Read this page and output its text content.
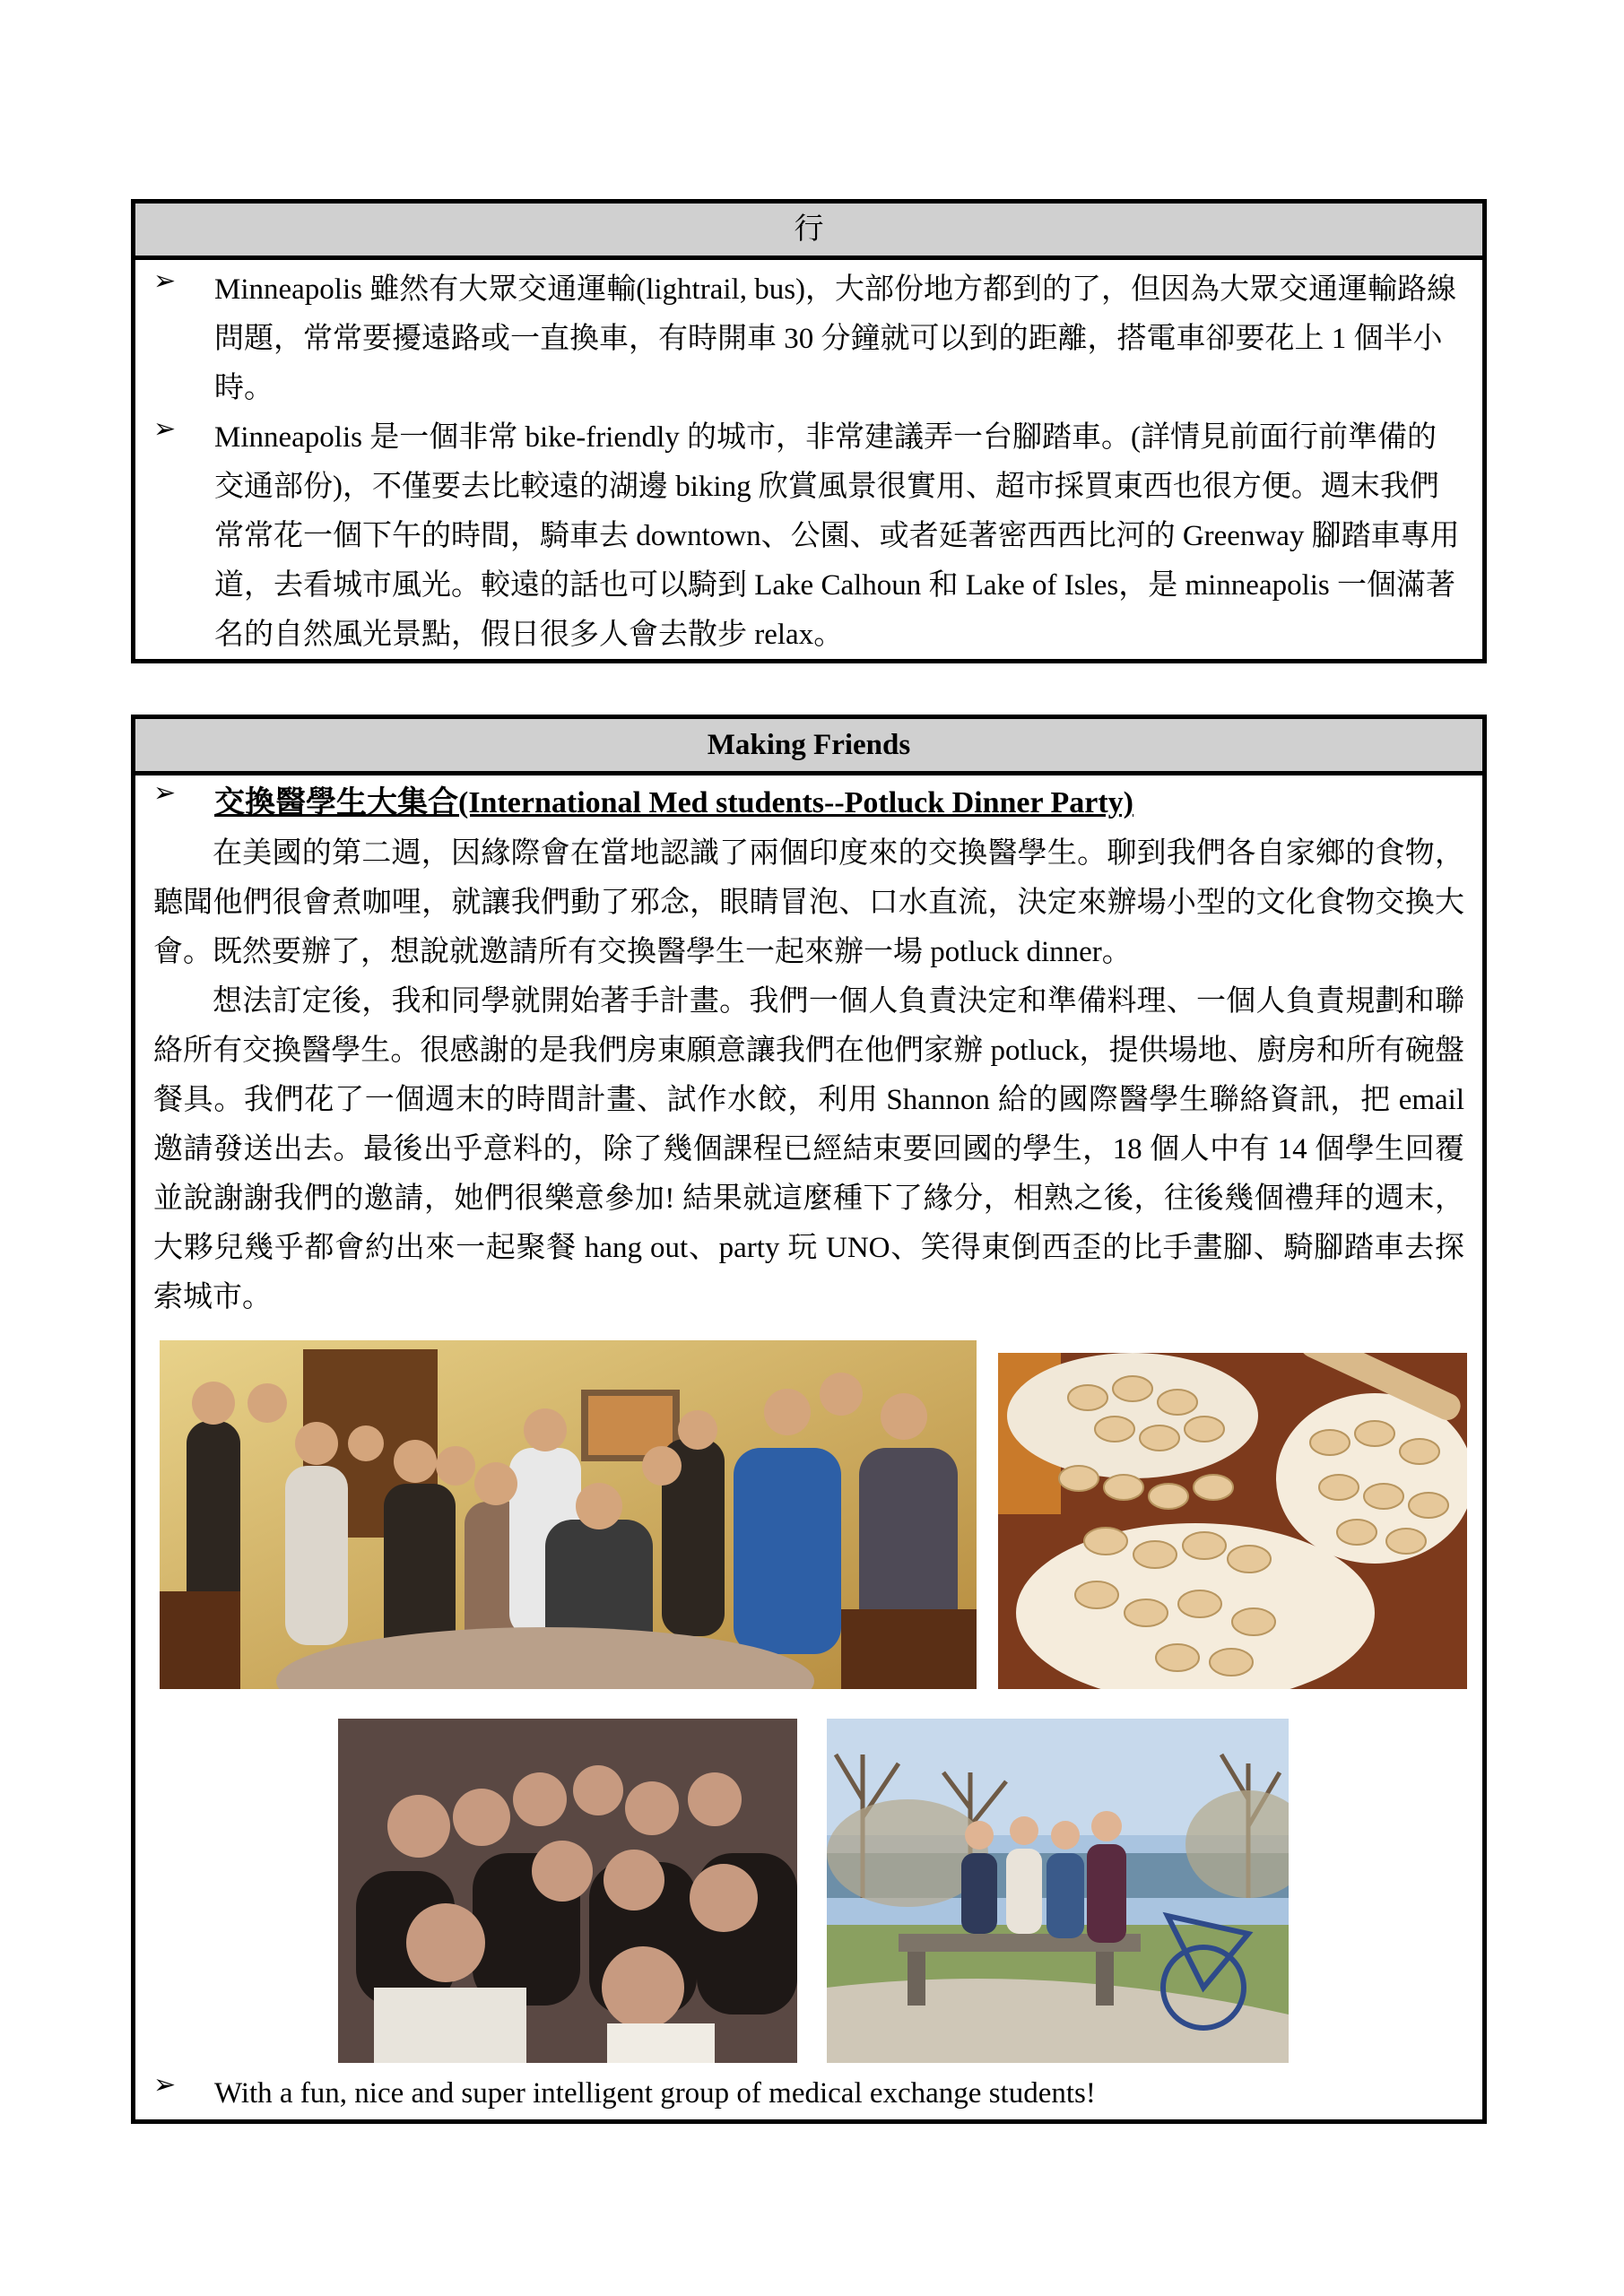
行
➢ Minneapolis 雖然有大眾交通運輸(lightrail, bus)，大部份地方都到的了，但因為大眾交通運輸路線問題，常常要擾遠路或一直換車，有時開車 30 分鐘就可以到的距離，搭電車卻要花上 1 個半小時。
➢ Minneapolis 是一個非常 bike-friendly 的城市，非常建議弄一台腳踏車。(詳情見前面行前準備的交通部份)，不僅要去比較遠的湖邊 biking 欣賞風景很實用、超市採買東西也很方便。週末我們常常花一個下午的時間，騎車去 downtown、公園、或者延著密西西比河的 Greenway 腳踏車專用道，去看城市風光。較遠的話也可以騎到 Lake Calhoun 和 Lake of Isles，是 minneapolis 一個滿著名的自然風光景點，假日很多人會去散步 relax。
Making Friends
➢ 交換醫學生大集合(International Med students--Potluck Dinner Party)
在美國的第二週，因緣際會在當地認識了兩個印度來的交換醫學生。聊到我們各自家鄉的食物，聽聞他們很會煮咖哩，就讓我們動了邪念，眼睛冒泡、口水直流，決定來辦場小型的文化食物交換大會。既然要辦了，想說就邀請所有交換醫學生一起來辦一場 potluck dinner。
想法訂定後，我和同學就開始著手計畫。我們一個人負責決定和準備料理、一個人負責規劃和聯絡所有交換醫學生。很感謝的是我們房東願意讓我們在他們家辦 potluck，提供場地、廚房和所有碗盤餐具。我們花了一個週末的時間計畫、試作水餃，利用 Shannon 給的國際醫學生聯絡資訊，把 email 邀請發送出去。最後出乎意料的，除了幾個課程已經結束要回國的學生，18 個人中有 14 個學生回覆並說謝謝我們的邀請，她們很樂意參加! 結果就這麼種下了緣分，相熟之後，往後幾個禮拜的週末，大夥兒幾乎都會約出來一起聚餐 hang out、party 玩 UNO、笑得東倒西歪的比手畫腳、騎腳踏車去探索城市。
➢ With a fun, nice and super intelligent group of medical exchange students!
